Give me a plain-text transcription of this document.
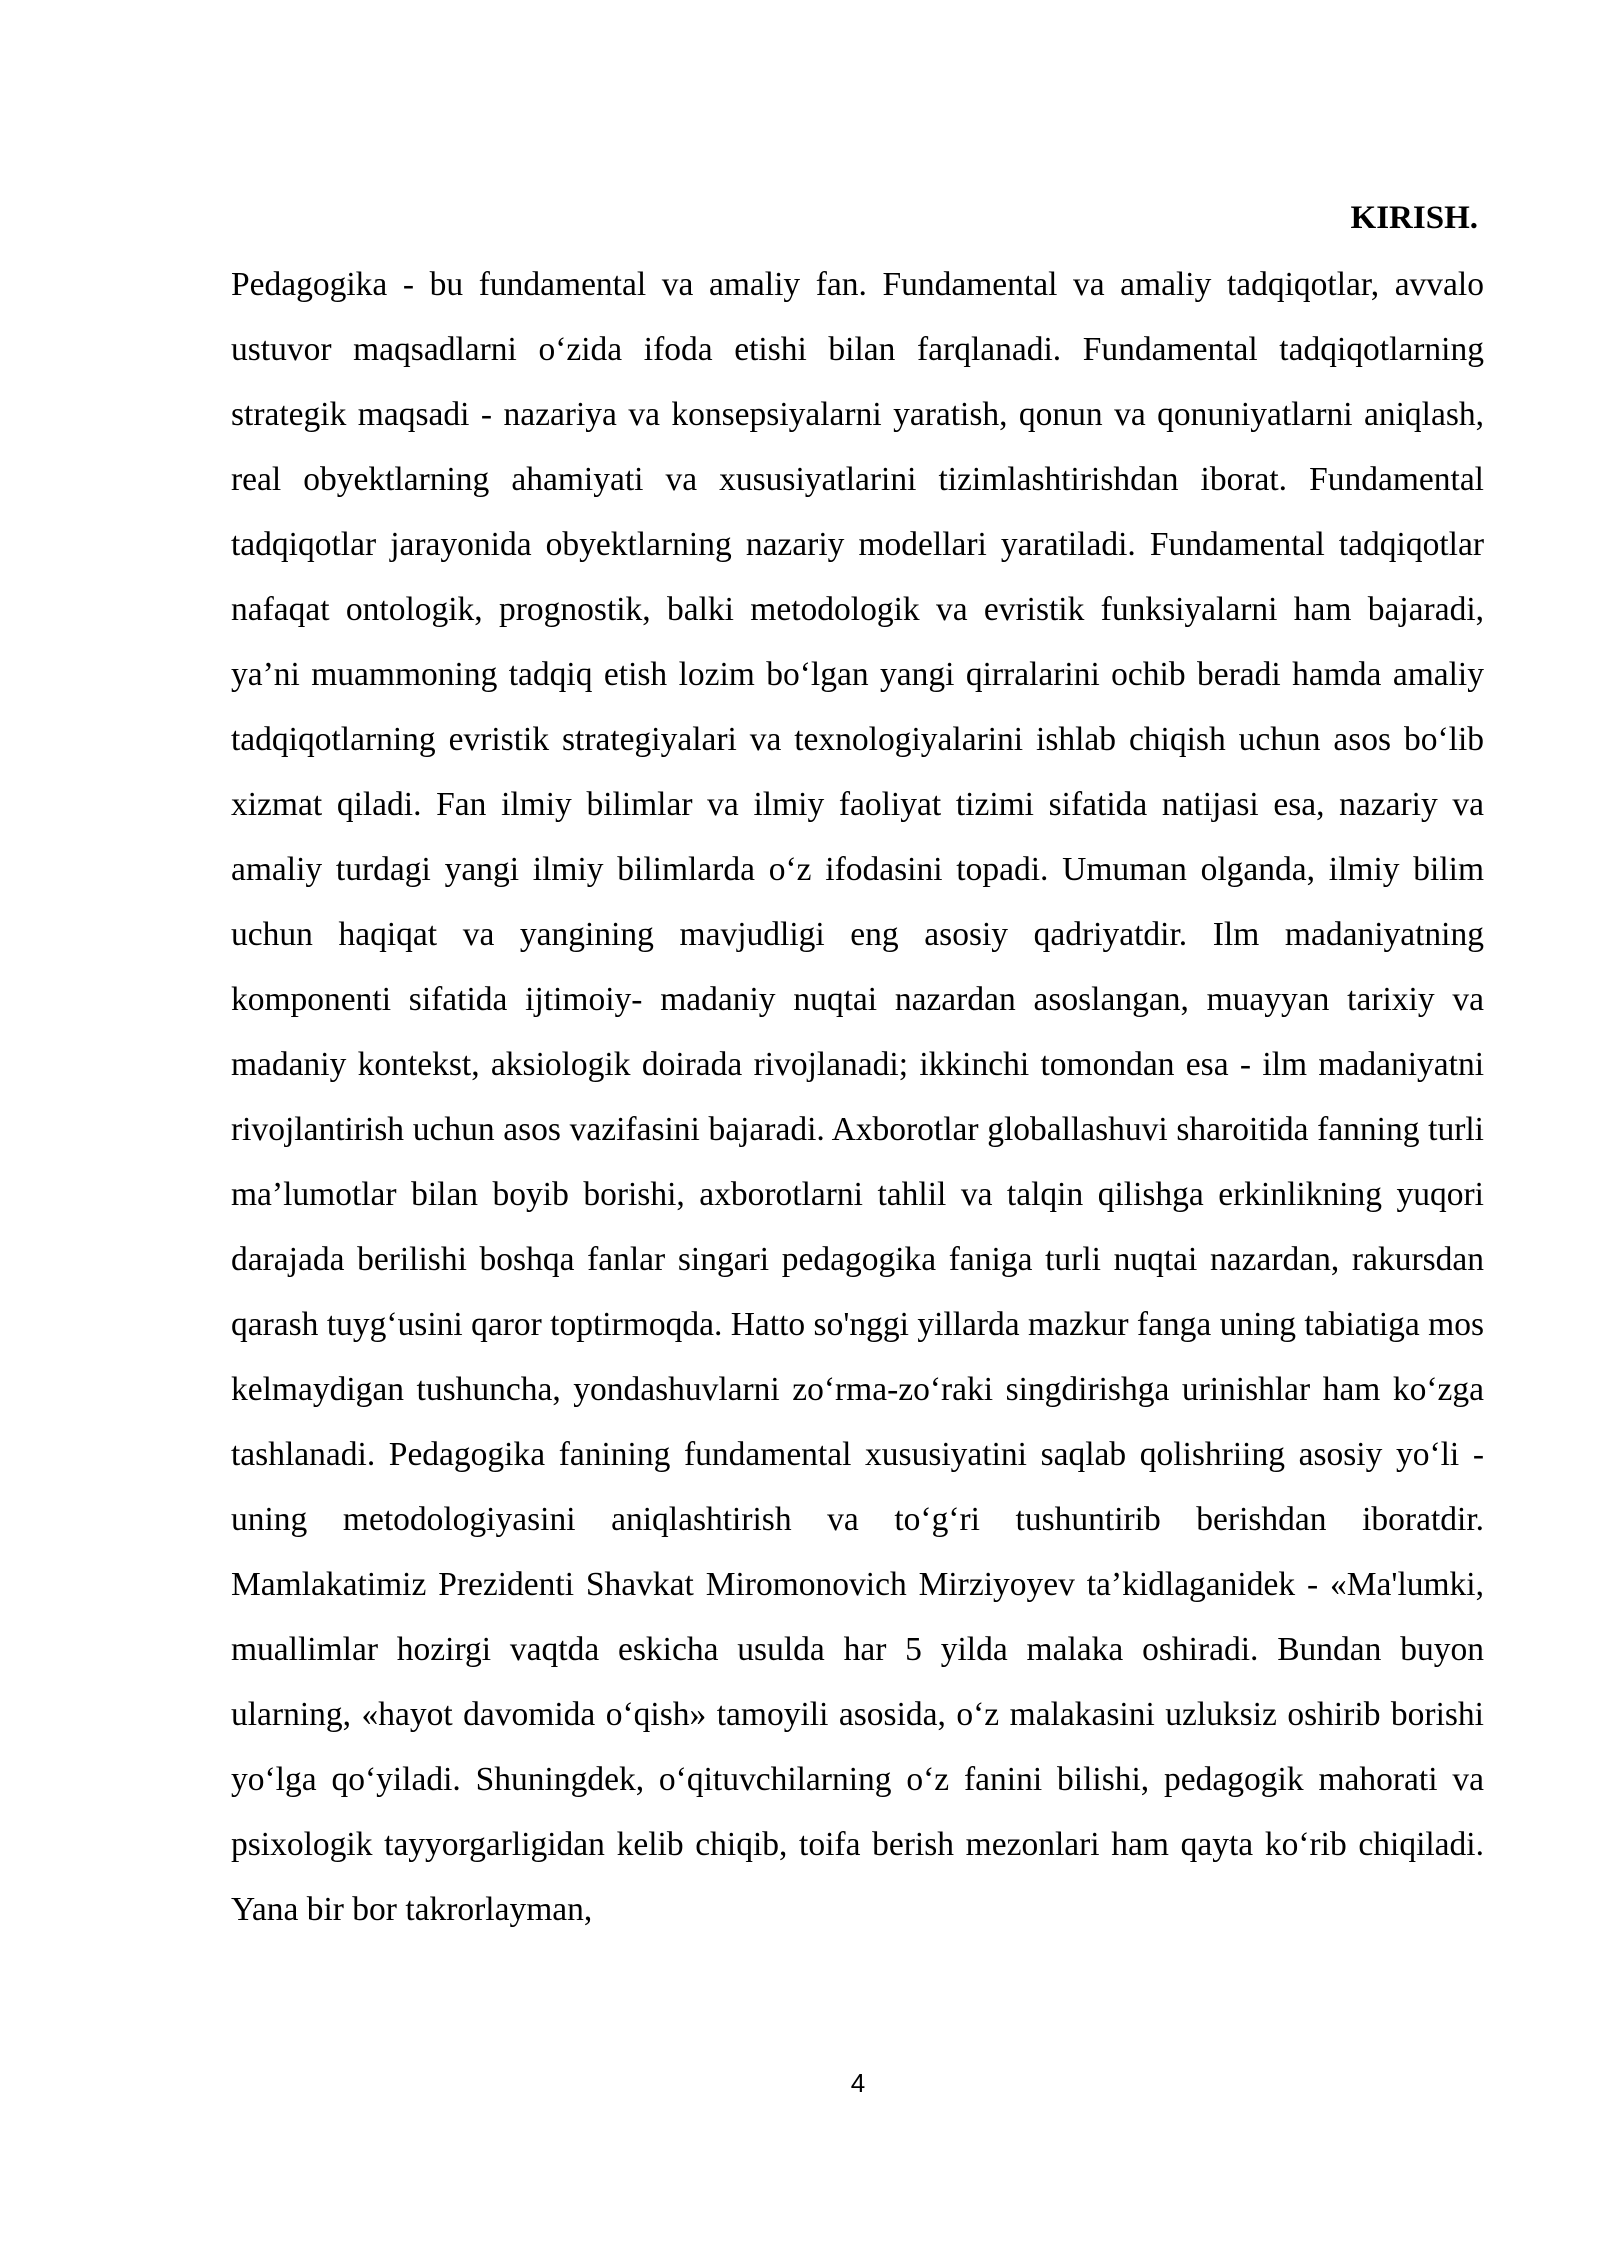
KIRISH.

Pedagogika - bu fundamental va amaliy fan. Fundamental va amaliy tadqiqotlar, avvalo ustuvor maqsadlarni o‘zida ifoda etishi bilan farqlanadi. Fundamental tadqiqotlarning strategik maqsadi - nazariya va konsepsiyalarni yaratish, qonun va qonuniyatlarni aniqlash, real obyektlarning ahamiyati va xususiyatlarini tizimlashtirishdan iborat. Fundamental tadqiqotlar jarayonida obyektlarning nazariy modellari yaratiladi. Fundamental tadqiqotlar nafaqat ontologik, prognostik, balki metodologik va evristik funksiyalarni ham bajaradi, ya’ni muammoning tadqiq etish lozim bo‘lgan yangi qirralarini ochib beradi hamda amaliy tadqiqotlarning evristik strategiyalari va texnologiyalarini ishlab chiqish uchun asos bo‘lib xizmat qiladi. Fan ilmiy bilimlar va ilmiy faoliyat tizimi sifatida natijasi esa, nazariy va amaliy turdagi yangi ilmiy bilimlarda o‘z ifodasini topadi. Umuman olganda, ilmiy bilim uchun haqiqat va yangining mavjudligi eng asosiy qadriyatdir. Ilm madaniyatning komponenti sifatida ijtimoiy- madaniy nuqtai nazardan asoslangan, muayyan tarixiy va madaniy kontekst, aksiologik doirada rivojlanadi; ikkinchi tomondan esa - ilm madaniyatni rivojlantirish uchun asos vazifasini bajaradi. Axborotlar globallashuvi sharoitida fanning turli ma’lumotlar bilan boyib borishi, axborotlarni tahlil va talqin qilishga erkinlikning yuqori darajada berilishi boshqa fanlar singari pedagogika faniga turli nuqtai nazardan, rakursdan qarash tuyg‘usini qaror toptirmoqda. Hatto so'nggi yillarda mazkur fanga uning tabiatiga mos kelmaydigan tushuncha, yondashuvlarni zo‘rma-zo‘raki singdirishga urinishlar ham ko‘zga tashlanadi. Pedagogika fanining fundamental xususiyatini saqlab qolishriing asosiy yo‘li - uning metodologiyasini aniqlashtirish va to‘g‘ri tushuntirib berishdan iboratdir. Mamlakatimiz Prezidenti Shavkat Miromonovich Mirziyoyev ta’kidlaganidek - «Ma'lumki, muallimlar hozirgi vaqtda eskicha usulda har 5 yilda malaka oshiradi. Bundan buyon ularning, «hayot davomida o‘qish» tamoyili asosida, o‘z malakasini uzluksiz oshirib borishi yo‘lga qo‘yiladi. Shuningdek, o‘qituvchilarning o‘z fanini bilishi, pedagogik mahorati va psixologik tayyorgarligidan kelib chiqib, toifa berish mezonlari ham qayta ko‘rib chiqiladi. Yana bir bor takrorlayman,

4
